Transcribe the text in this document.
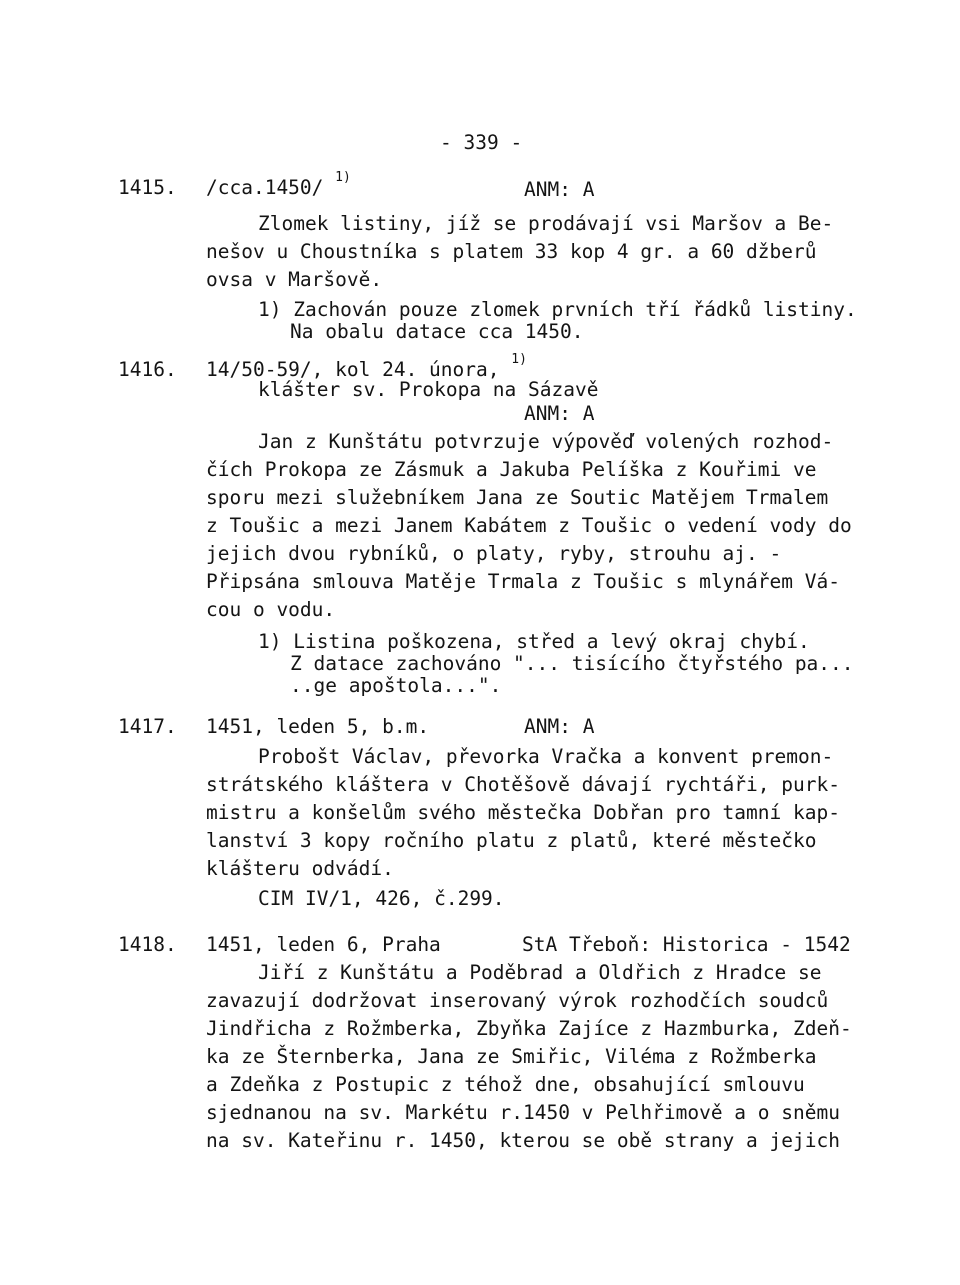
- 339 -
1415. /cca.1450/ $^{1)}$
ANM: A
Zlomek listiny, jíž se prodávají vsi Maršov a Be-
nešov u Choustníka s platem 33 kop 4 gr. a 60 džberů
ovsa v Maršově.
1) Zachován pouze zlomek prvních tří řádků listiny.
Na obalu datace cca 1450.
1416. 14/50-59/, kol 24. února, $^{1)}$
klášter sv. Prokopa na Sázavě
ANM: A
Jan z Kunštátu potvrzuje výpověď volených rozhod-
čích Prokopa ze Zásmuk a Jakuba Pelíška z Kouřimi ve
sporu mezi služebníkem Jana ze Soutic Matějem Trmalem
z Toušic a mezi Janem Kabátem z Toušic o vedení vody do
jejich dvou rybníků, o platy, ryby, strouhu aj. -
Připsána smlouva Matěje Trmala z Toušic s mlynářem Vá-
cou o vodu.
1) Listina poškozena, střed a levý okraj chybí.
Z datace zachováno "... tisícího čtyřstého pa...
..ge apoštola...".
1417. 1451, leden 5, b.m.	ANM: A
Probošt Václav, převorka Vračka a konvent premon-
strátského kláštera v Chotěšově dávají rychtáři, purk-
mistru a konšelům svého městečka Dobřan pro tamní kap-
lanství 3 kopy ročního platu z platů, které městečko
klášteru odvádí.
CIM IV/1, 426, č.299.
1418. 1451, leden 6, Praha	StA Třeboň: Historica - 1542
Jiří z Kunštátu a Poděbrad a Oldřich z Hradce se
zavazují dodržovat inserovaný výrok rozhodčích soudců
Jindřicha z Rožmberka, Zbyňka Zajíce z Hazmburka, Zdeň-
ka ze Šternberka, Jana ze Smiřic, Viléma z Rožmberka
a Zdeňka z Postupic z téhož dne, obsahující smlouvu
sjednanou na sv. Markétu r.1450 v Pelhřimově a o sněmu
na sv. Kateřinu r. 1450, kterou se obě strany a jejich
